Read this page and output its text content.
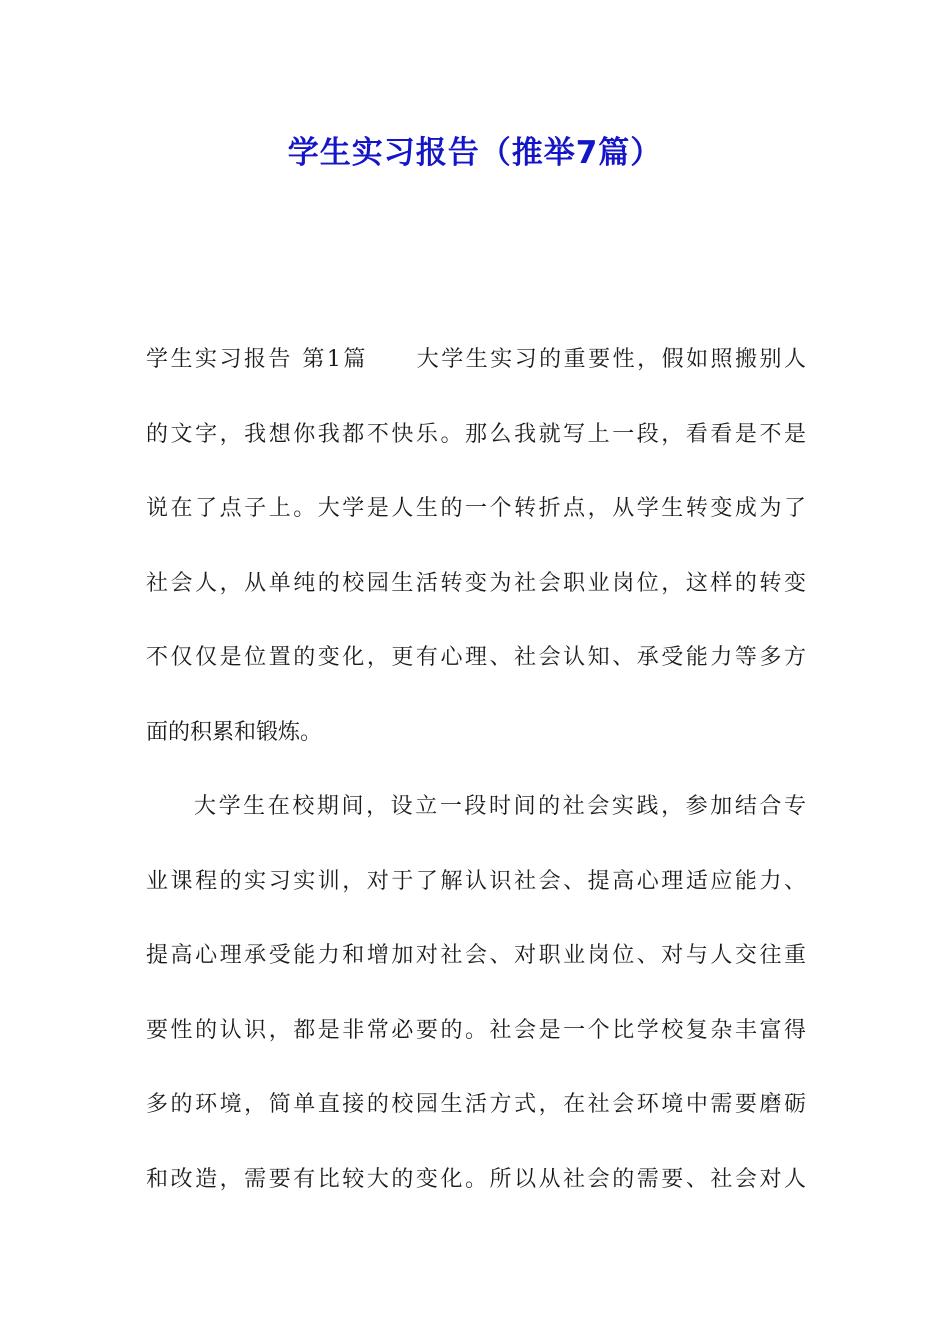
学生实习报告（推举7篇）
学生实习报告 第1篇　　大学生实习的重要性，假如照搬别人
的文字，我想你我都不快乐。那么我就写上一段，看看是不是
说在了点子上。大学是人生的一个转折点，从学生转变成为了
社会人，从单纯的校园生活转变为社会职业岗位，这样的转变
不仅仅是位置的变化，更有心理、社会认知、承受能力等多方
面的积累和锻炼。
大学生在校期间，设立一段时间的社会实践，参加结合专
业课程的实习实训，对于了解认识社会、提高心理适应能力、
提高心理承受能力和增加对社会、对职业岗位、对与人交往重
要性的认识，都是非常必要的。社会是一个比学校复杂丰富得
多的环境，简单直接的校园生活方式，在社会环境中需要磨砺
和改造，需要有比较大的变化。所以从社会的需要、社会对人
